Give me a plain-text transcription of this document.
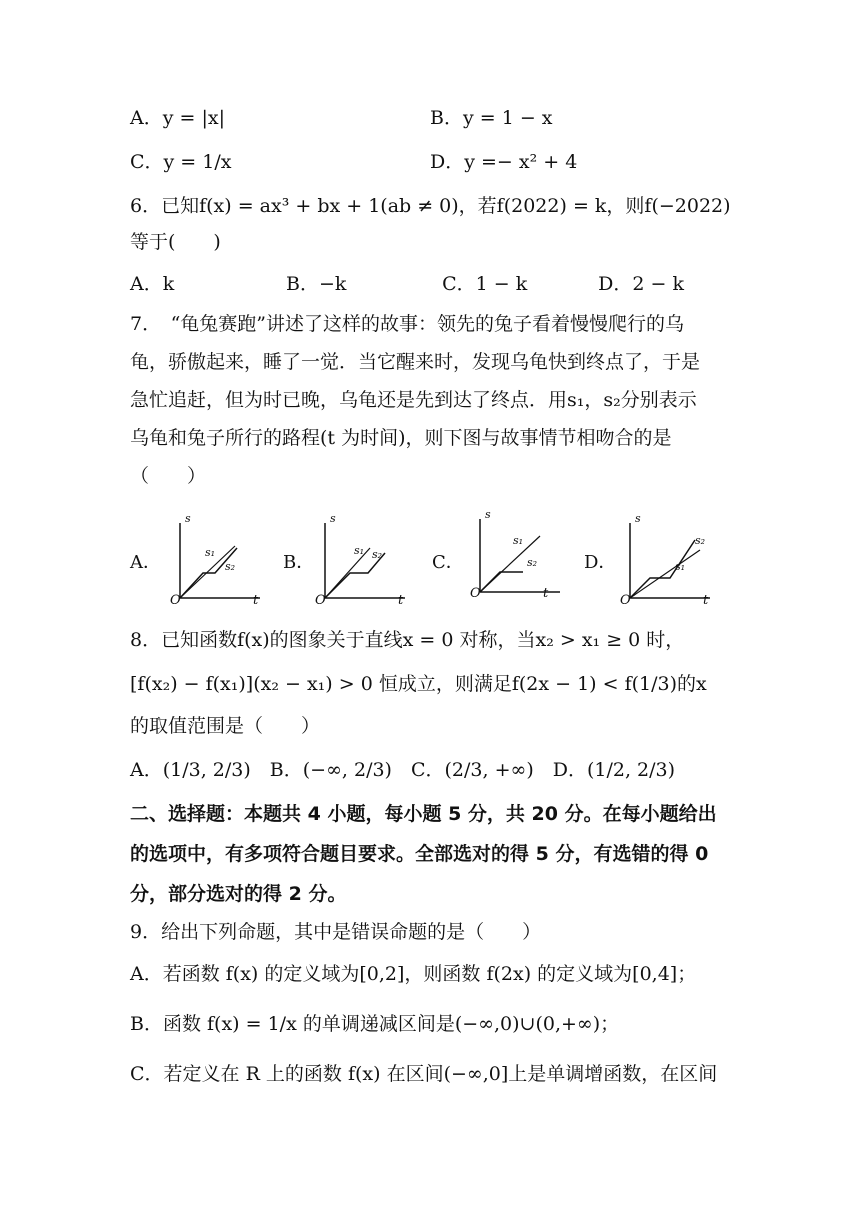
A．y = |x|	B．y = 1 − x
C．y = 1/x	D．y =− x² + 4
6．已知f(x) = ax³ + bx + 1(ab ≠ 0)，若f(2022) = k，则f(−2022)
等于(　　)
A．k	B．−k	C．1 − k	D．2 − k
7．　“龟兔赛跑”讲述了这样的故事：领先的兔子看着慢慢爬行的乌
龟，骄傲起来，睡了一觉．当它醒来时，发现乌龟快到终点了，于是
急忙追赶，但为时已晚，乌龟还是先到达了终点．用s₁，s₂分别表示
乌龟和兔子所行的路程(t 为时间)，则下图与故事情节相吻合的是
（　　）
A．
s
s₁
s₂
O	t
B．
s
s₁ s₂
O	t
C．
s
s₁
s₂
O	t
D．
s
s₁
s₂
O	t
8．已知函数f(x)的图象关于直线x = 0 对称，当x₂ > x₁ ≥ 0 时，
[f(x₂) − f(x₁)](x₂ − x₁) > 0 恒成立，则满足f(2x − 1) < f(1/3)的x
的取值范围是（　　）
A．(1/3, 2/3)　B．(−∞, 2/3)　C．(2/3, +∞)　D．(1/2, 2/3)
二、选择题：本题共 4 小题，每小题 5 分，共 20 分。在每小题给出
的选项中，有多项符合题目要求。全部选对的得 5 分，有选错的得 0
分，部分选对的得 2 分。
9．给出下列命题，其中是错误命题的是（　　）
A．若函数 f(x) 的定义域为[0,2]，则函数 f(2x) 的定义域为[0,4]；
B．函数 f(x) = 1/x 的单调递减区间是(−∞,0)∪(0,+∞)；
C．若定义在 R 上的函数 f(x) 在区间(−∞,0]上是单调增函数，在区间
